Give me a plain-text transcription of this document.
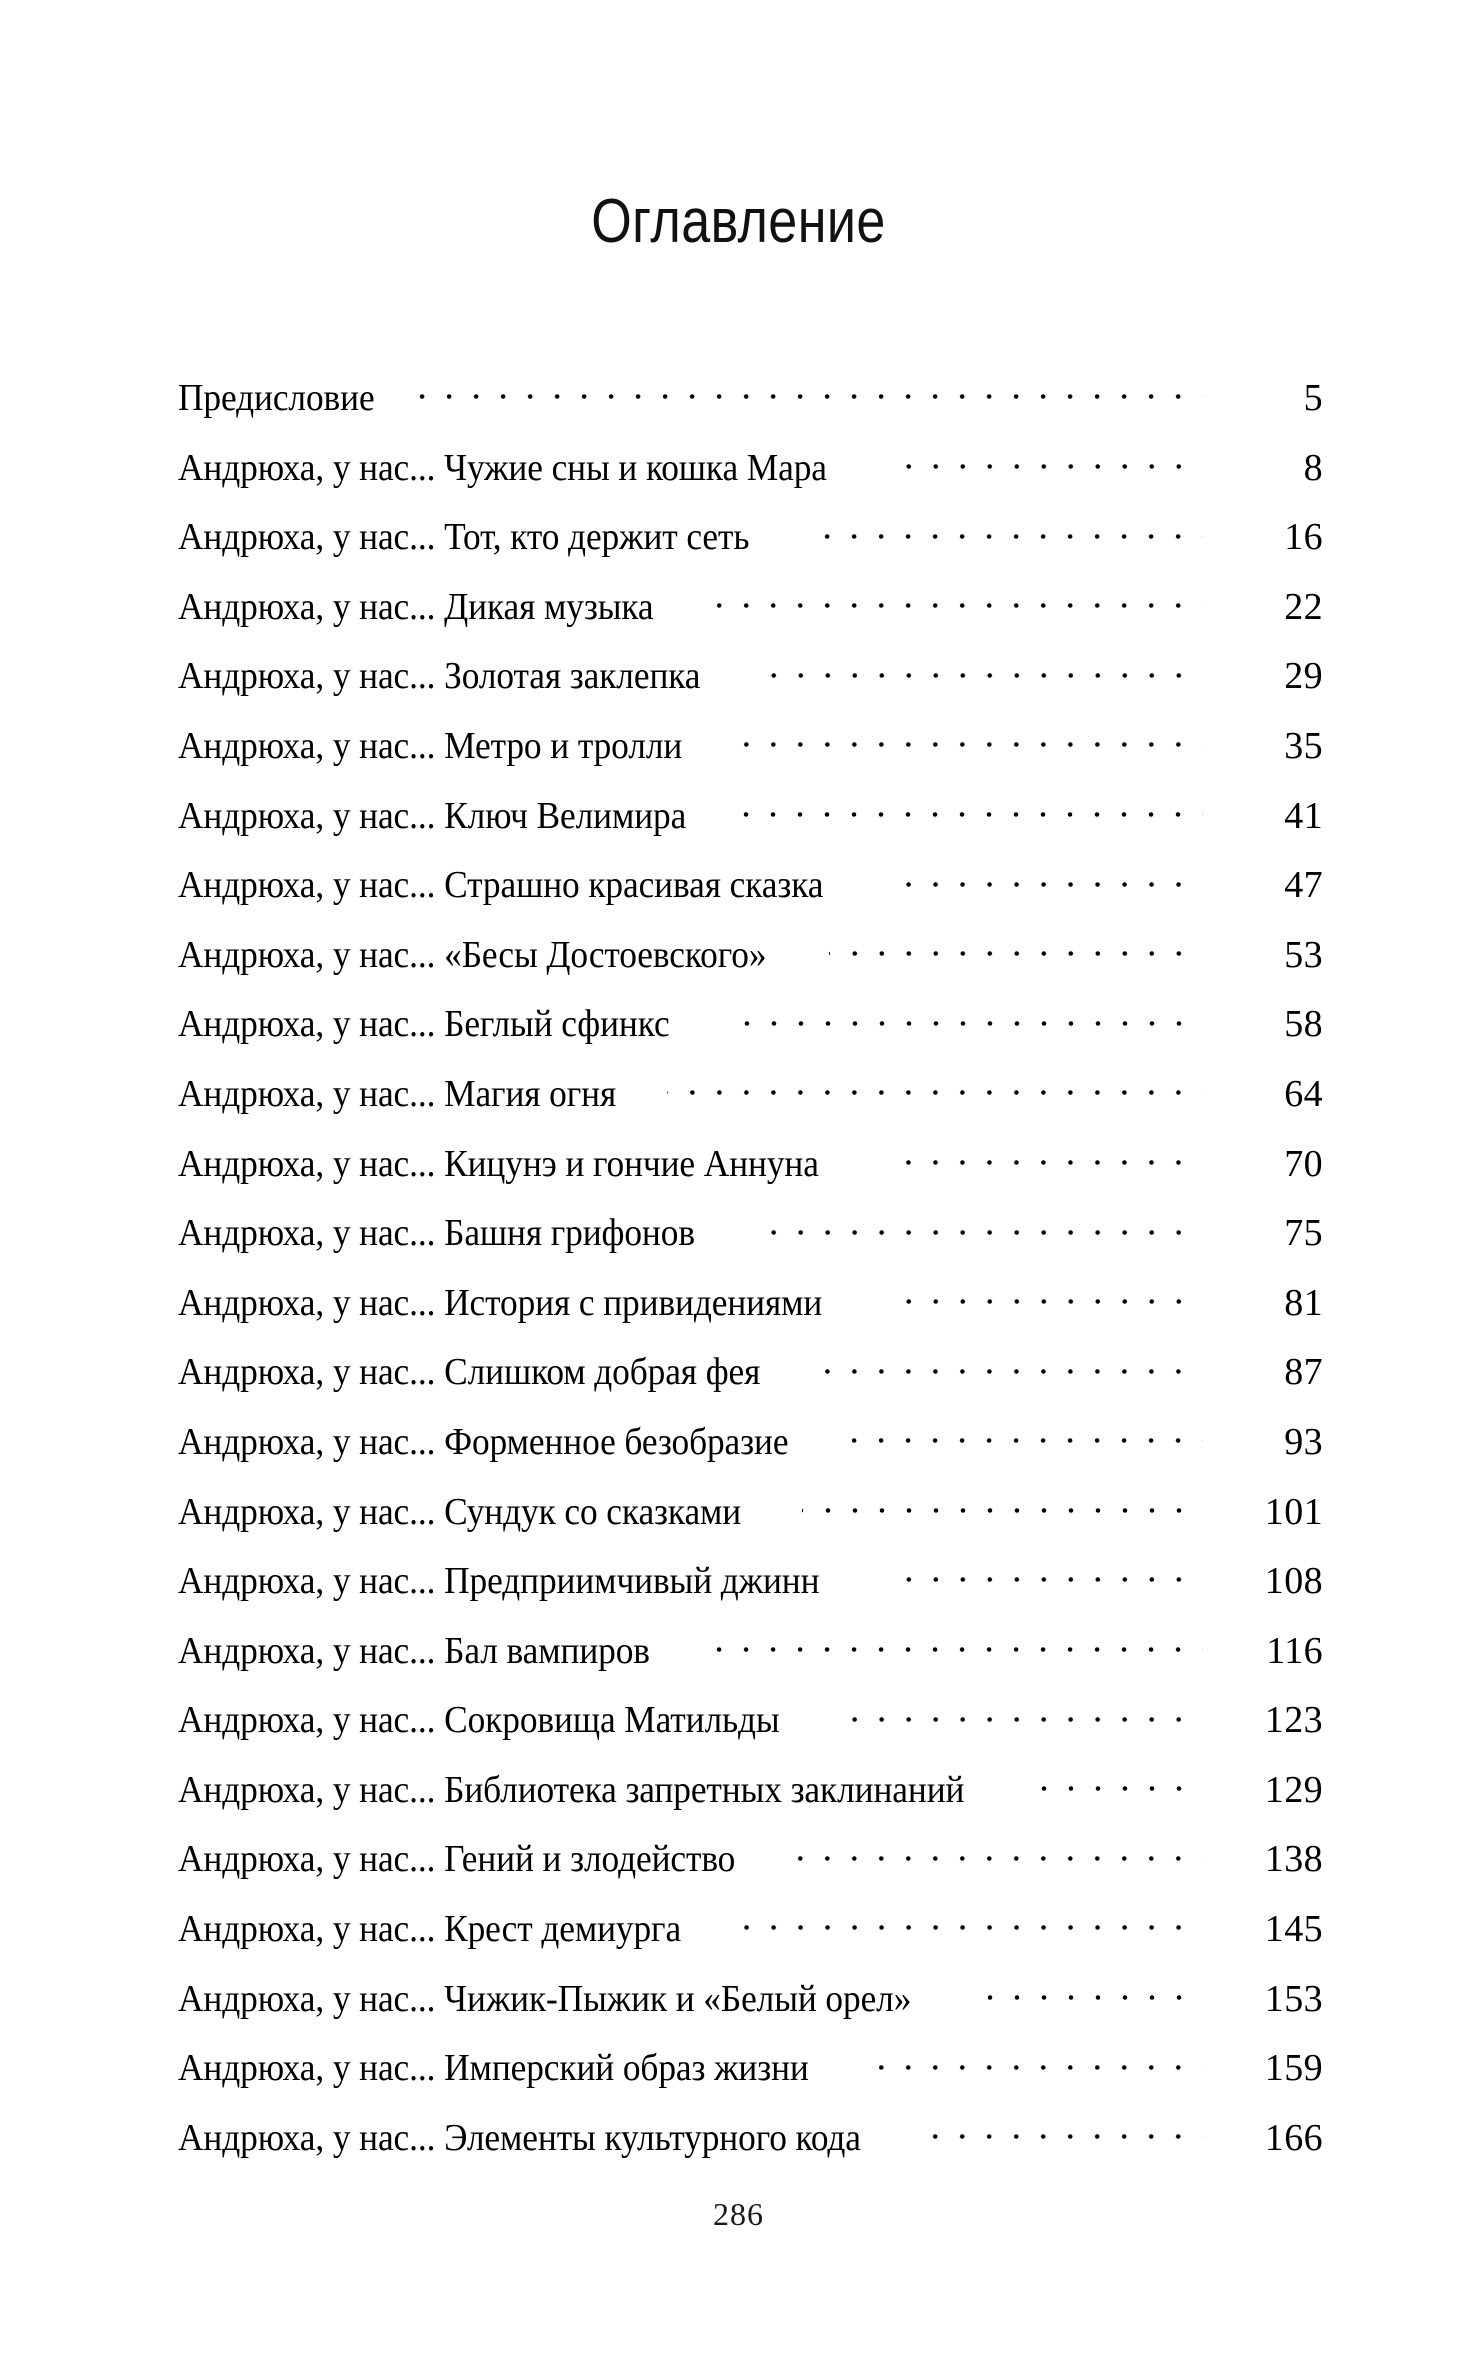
Оглавление
Предисловие	5
Андрюха, у нас... Чужие сны и кошка Мара	8
Андрюха, у нас... Тот, кто держит сеть	16
Андрюха, у нас... Дикая музыка	22
Андрюха, у нас... Золотая заклепка	29
Андрюха, у нас... Метро и тролли	35
Андрюха, у нас... Ключ Велимира	41
Андрюха, у нас... Страшно красивая сказка	47
Андрюха, у нас... «Бесы Достоевского»	53
Андрюха, у нас... Беглый сфинкс	58
Андрюха, у нас... Магия огня	64
Андрюха, у нас... Кицунэ и гончие Аннуна	70
Андрюха, у нас... Башня грифонов	75
Андрюха, у нас... История с привидениями	81
Андрюха, у нас... Слишком добрая фея	87
Андрюха, у нас... Форменное безобразие	93
Андрюха, у нас... Сундук со сказками	101
Андрюха, у нас... Предприимчивый джинн	108
Андрюха, у нас... Бал вампиров	116
Андрюха, у нас... Сокровища Матильды	123
Андрюха, у нас... Библиотека запретных заклинаний	129
Андрюха, у нас... Гений и злодейство	138
Андрюха, у нас... Крест демиурга	145
Андрюха, у нас... Чижик-Пыжик и «Белый орел»	153
Андрюха, у нас... Имперский образ жизни	159
Андрюха, у нас... Элементы культурного кода	166
286
